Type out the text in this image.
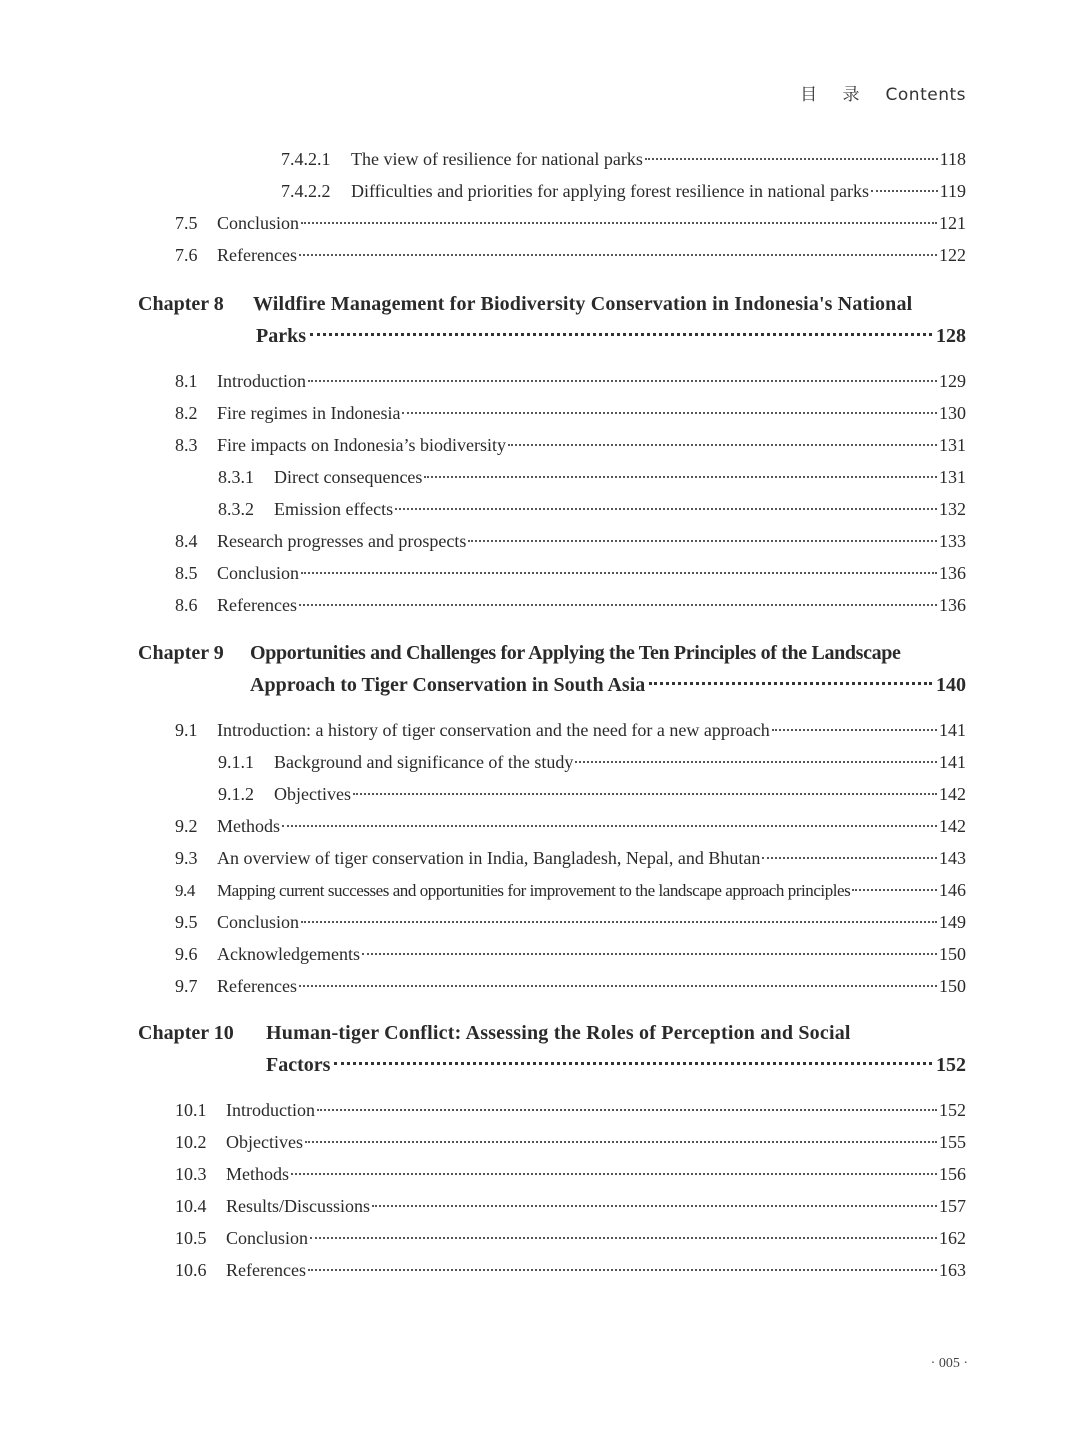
目 录 Contents
7.4.2.1	The view of resilience for national parks	118
7.4.2.2	Difficulties and priorities for applying forest resilience in national parks	119
7.5	Conclusion	121
7.6	References	122
Chapter 8 Wildfire Management for Biodiversity Conservation in Indonesia's National
Parks	128
8.1	Introduction	129
8.2	Fire regimes in Indonesia	130
8.3	Fire impacts on Indonesia’s biodiversity	131
8.3.1	Direct consequences	131
8.3.2	Emission effects	132
8.4	Research progresses and prospects	133
8.5	Conclusion	136
8.6	References	136
Chapter 9 Opportunities and Challenges for Applying the Ten Principles of the Landscape
Approach to Tiger Conservation in South Asia	140
9.1	Introduction: a history of tiger conservation and the need for a new approach	141
9.1.1	Background and significance of the study	141
9.1.2	Objectives	142
9.2	Methods	142
9.3	An overview of tiger conservation in India, Bangladesh, Nepal, and Bhutan	143
9.4	Mapping current successes and opportunities for improvement to the landscape approach principles	146
9.5	Conclusion	149
9.6	Acknowledgements	150
9.7	References	150
Chapter 10 Human-tiger Conflict: Assessing the Roles of Perception and Social
Factors	152
10.1	Introduction	152
10.2	Objectives	155
10.3	Methods	156
10.4	Results/Discussions	157
10.5	Conclusion	162
10.6	References	163
· 005 ·
